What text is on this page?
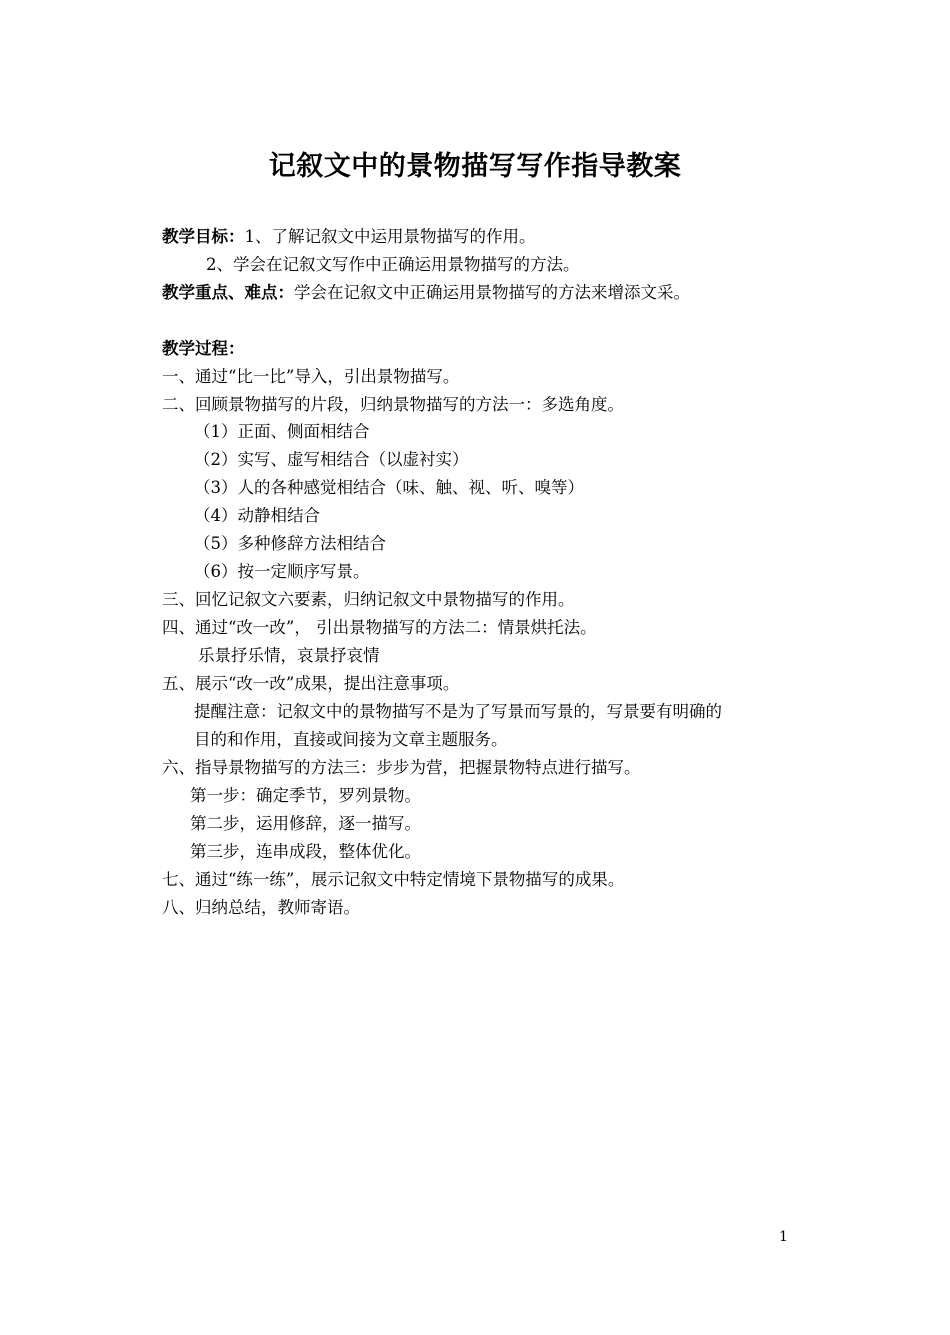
记叙文中的景物描写写作指导教案
教学目标：1、了解记叙文中运用景物描写的作用。
2、学会在记叙文写作中正确运用景物描写的方法。
教学重点、难点：学会在记叙文中正确运用景物描写的方法来增添文采。
教学过程：
一、通过“比一比”导入，引出景物描写。
二、回顾景物描写的片段，归纳景物描写的方法一：多选角度。
（1）正面、侧面相结合
（2）实写、虚写相结合（以虚衬实）
（3）人的各种感觉相结合（味、触、视、听、嗅等）
（4）动静相结合
（5）多种修辞方法相结合
（6）按一定顺序写景。
三、回忆记叙文六要素，归纳记叙文中景物描写的作用。
四、通过“改一改”， 引出景物描写的方法二：情景烘托法。
乐景抒乐情，哀景抒哀情
五、展示“改一改”成果，提出注意事项。
提醒注意：记叙文中的景物描写不是为了写景而写景的，写景要有明确的
目的和作用，直接或间接为文章主题服务。
六、指导景物描写的方法三：步步为营，把握景物特点进行描写。
第一步：确定季节，罗列景物。
第二步，运用修辞，逐一描写。
第三步，连串成段，整体优化。
七、通过“练一练”，展示记叙文中特定情境下景物描写的成果。
八、归纳总结，教师寄语。
1
